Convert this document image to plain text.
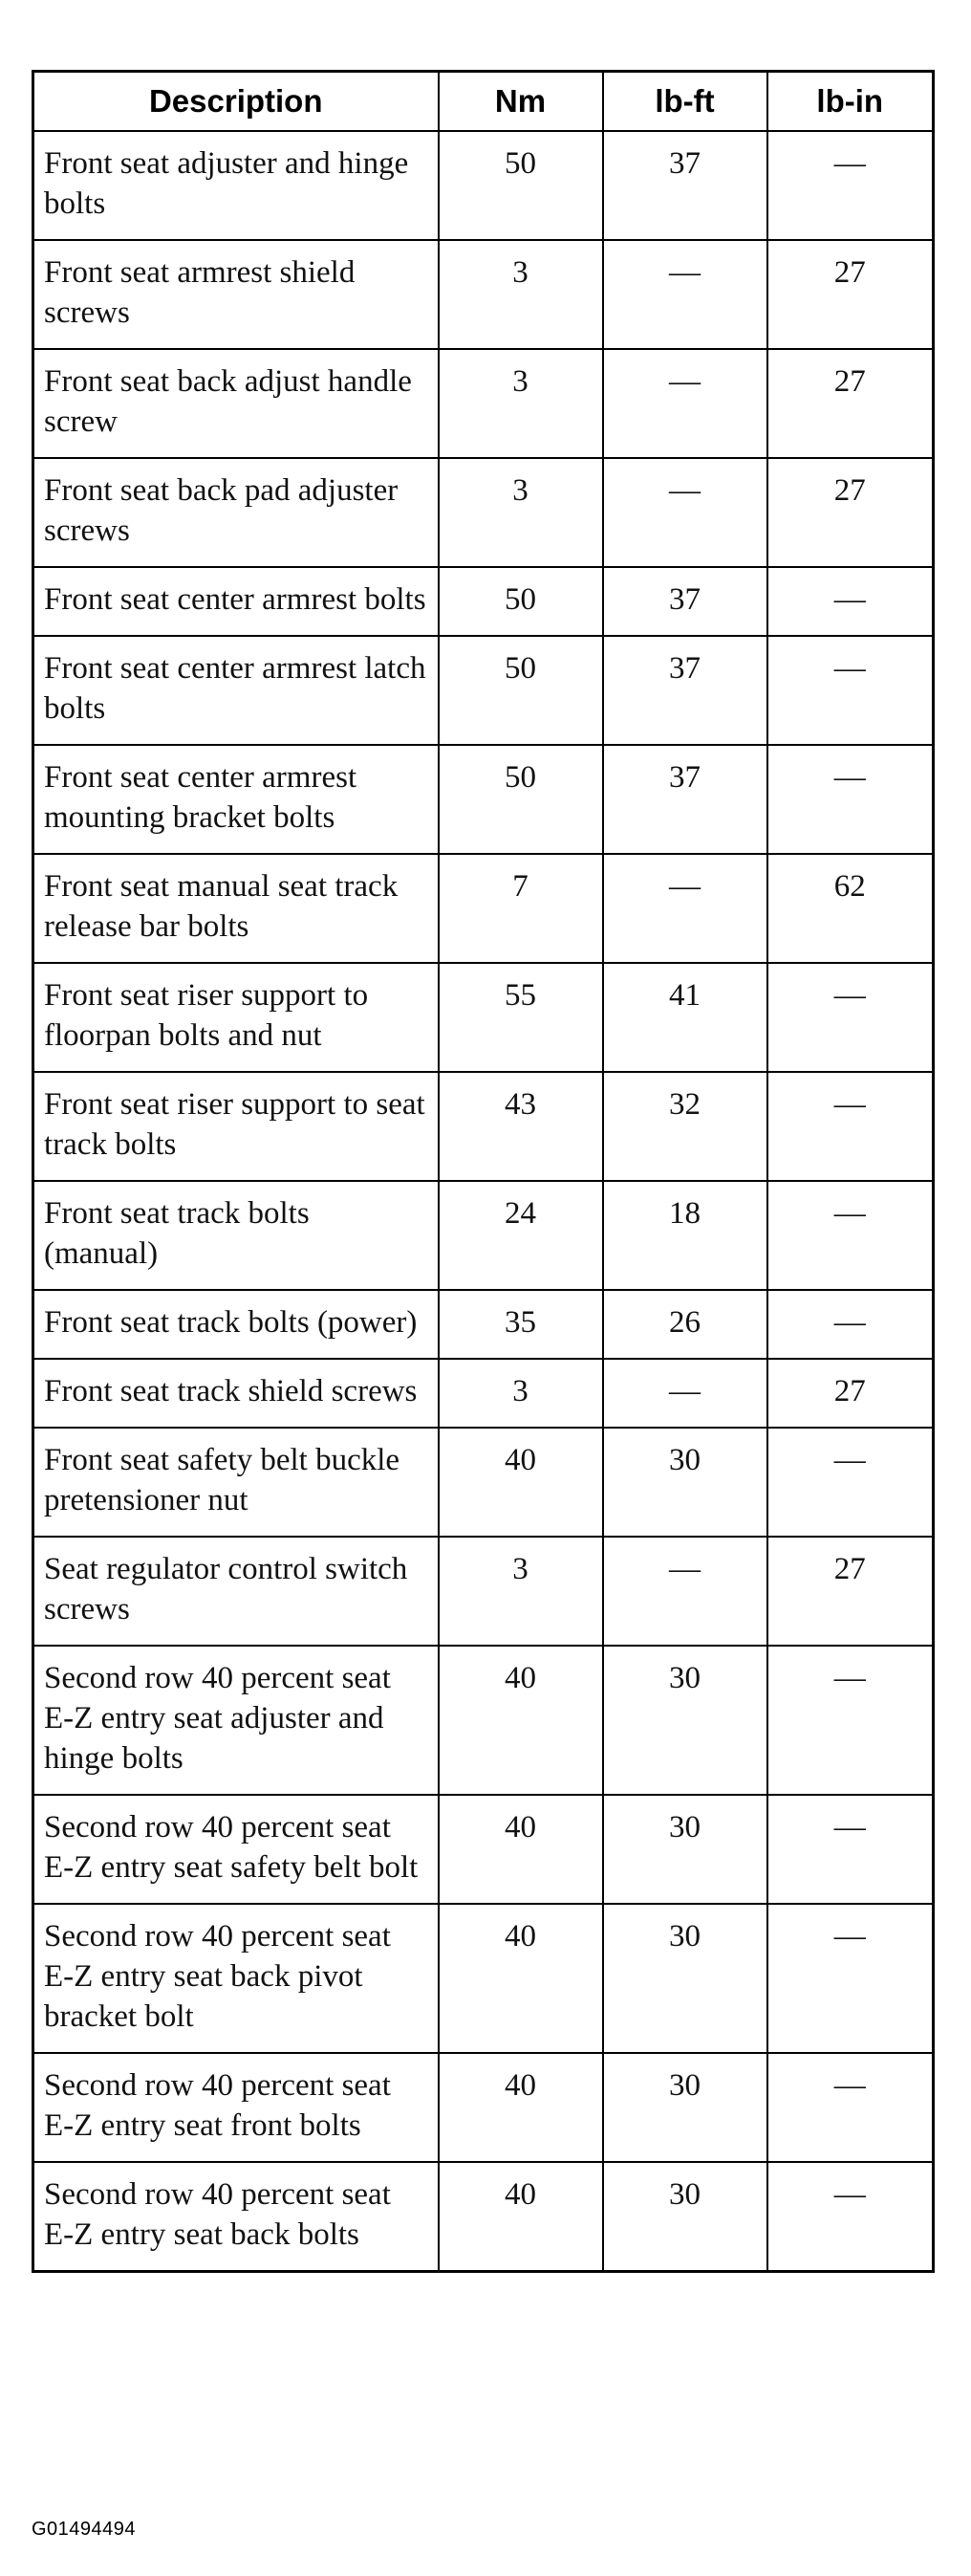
Description	Nm	lb-ft	lb-in
Front seat adjuster and hinge bolts	50	37	—
Front seat armrest shield screws	3	—	27
Front seat back adjust handle screw	3	—	27
Front seat back pad adjuster screws	3	—	27
Front seat center armrest bolts	50	37	—
Front seat center armrest latch bolts	50	37	—
Front seat center armrest mounting bracket bolts	50	37	—
Front seat manual seat track release bar bolts	7	—	62
Front seat riser support to floorpan bolts and nut	55	41	—
Front seat riser support to seat track bolts	43	32	—
Front seat track bolts (manual)	24	18	—
Front seat track bolts (power)	35	26	—
Front seat track shield screws	3	—	27
Front seat safety belt buckle pretensioner nut	40	30	—
Seat regulator control switch screws	3	—	27
Second row 40 percent seat E-Z entry seat adjuster and hinge bolts	40	30	—
Second row 40 percent seat E-Z entry seat safety belt bolt	40	30	—
Second row 40 percent seat E-Z entry seat back pivot bracket bolt	40	30	—
Second row 40 percent seat E-Z entry seat front bolts	40	30	—
Second row 40 percent seat E-Z entry seat back bolts	40	30	—
G01494494
